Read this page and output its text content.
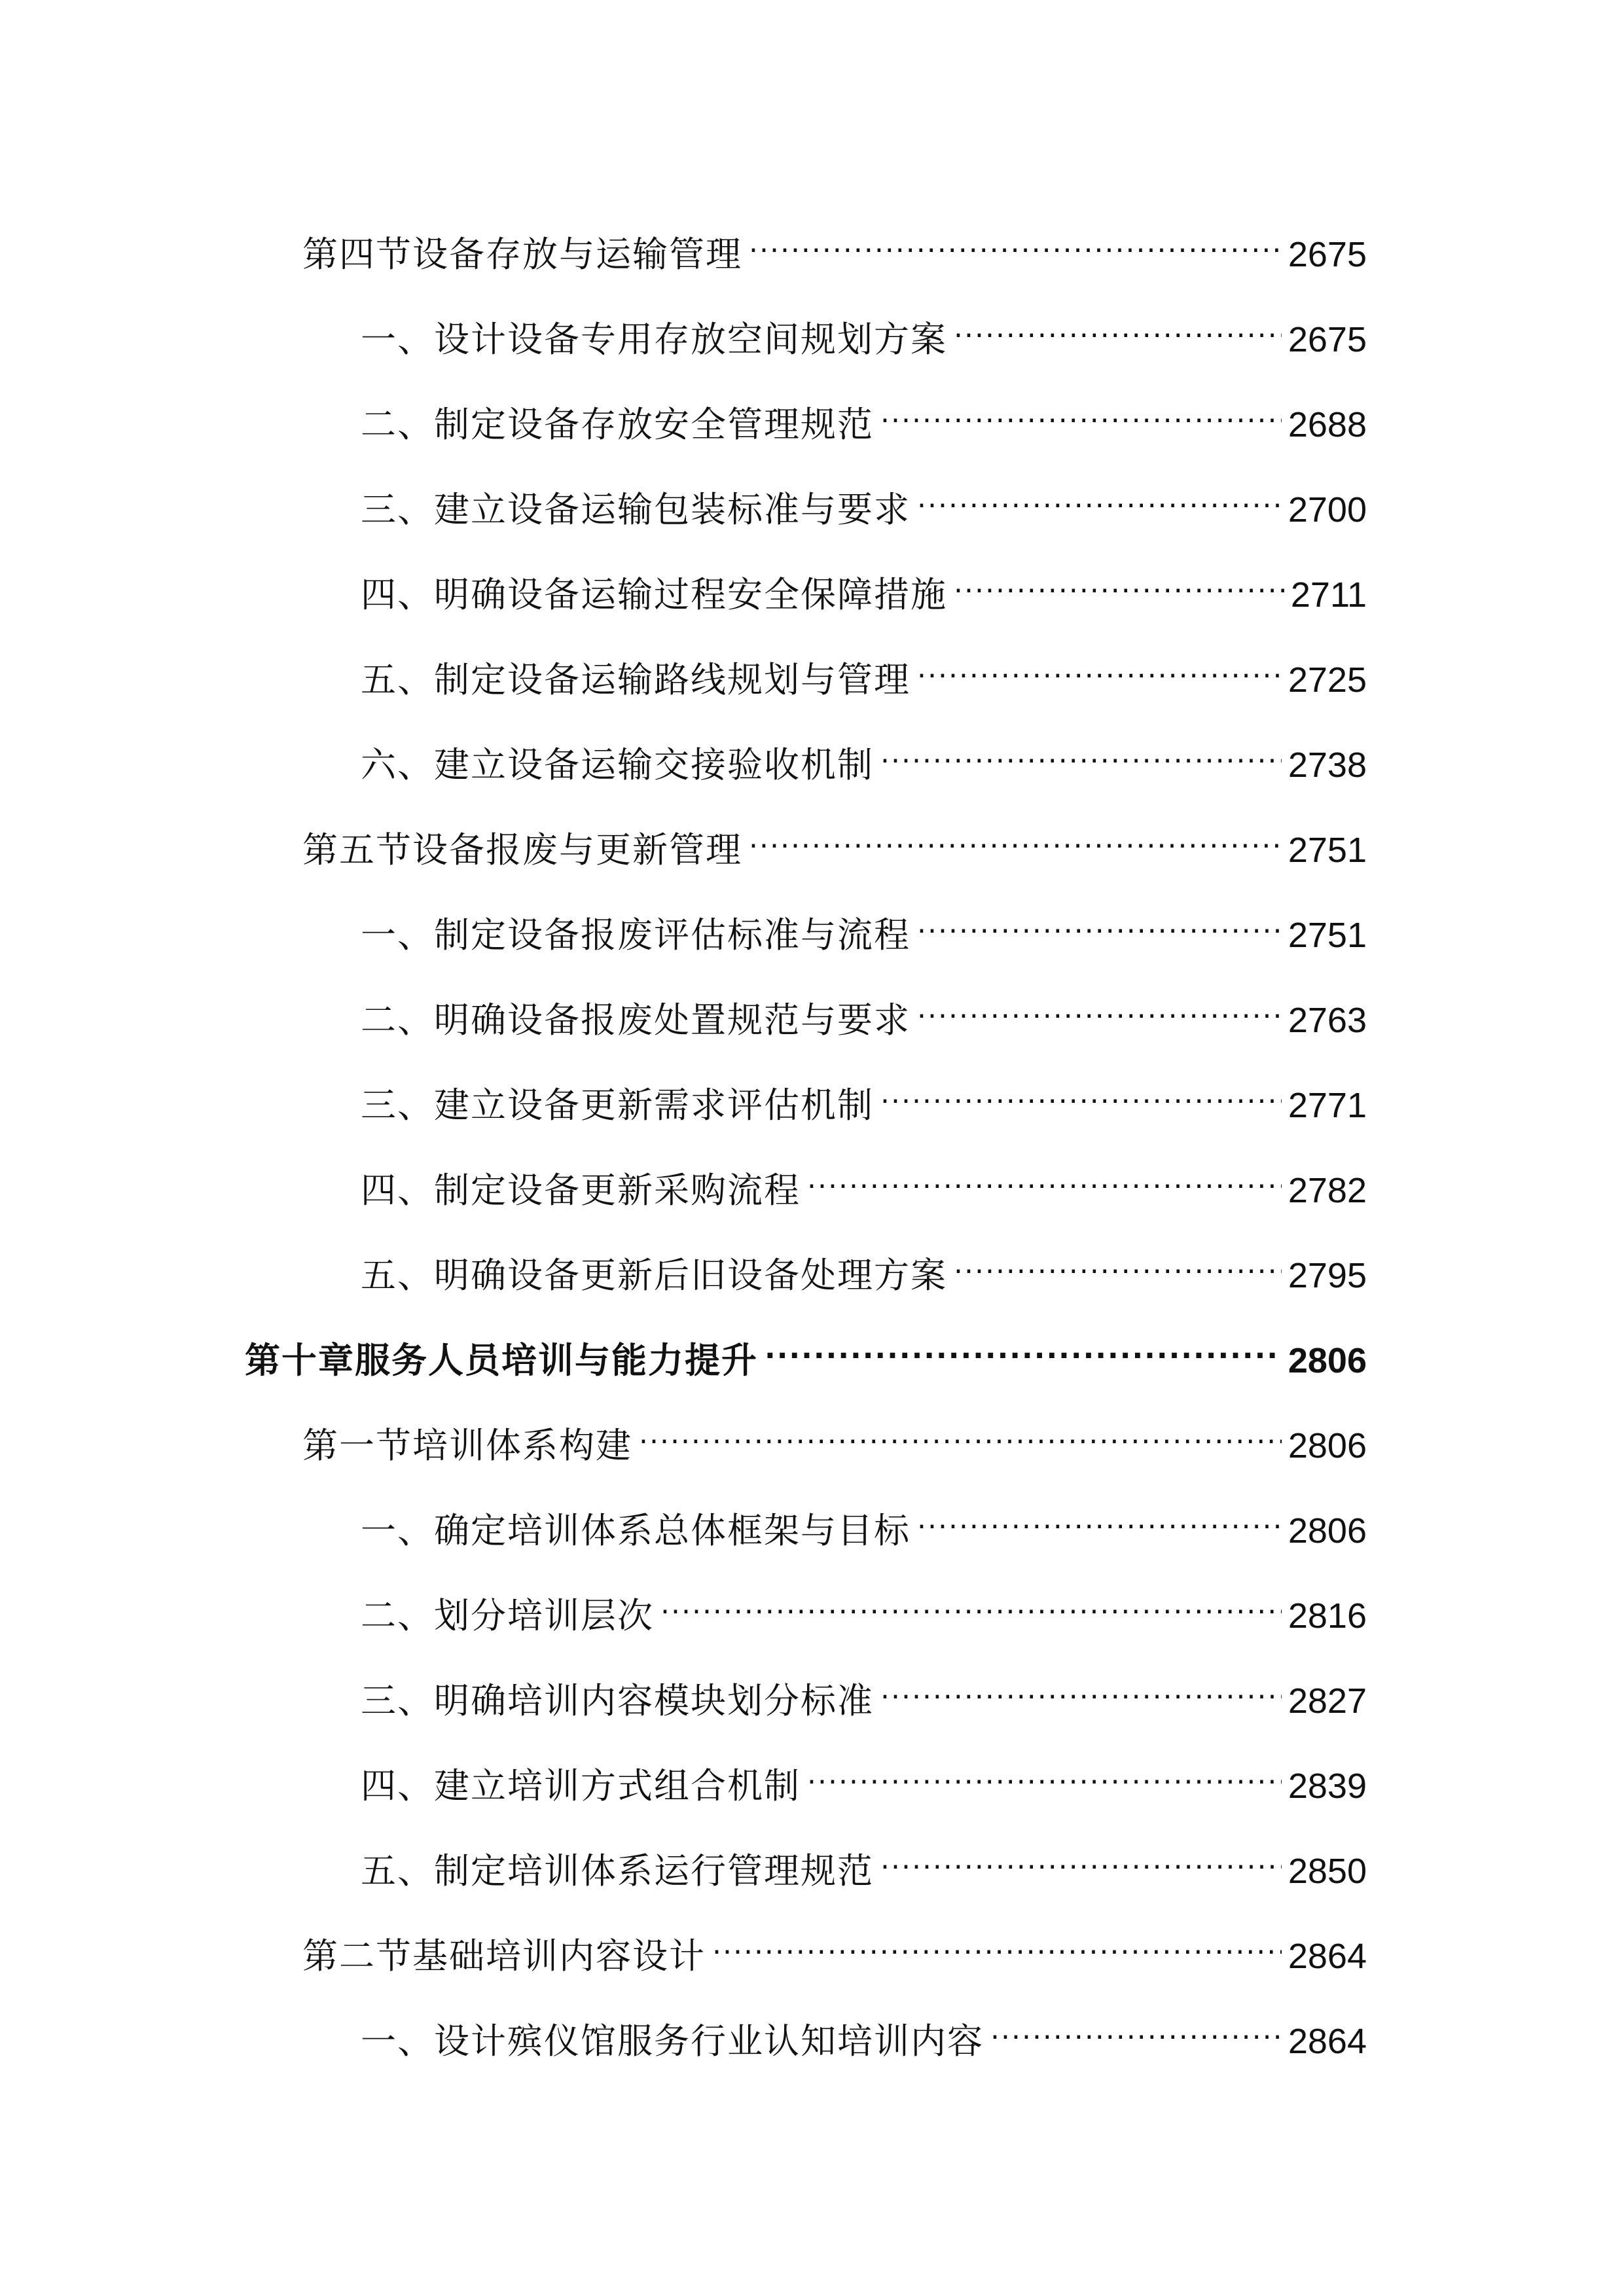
第四节设备存放与运输管理 .....	2675
一、设计设备专用存放空间规划方案 .....	2675
二、制定设备存放安全管理规范 .....	2688
三、建立设备运输包装标准与要求 .....	2700
四、明确设备运输过程安全保障措施 .....	2711
五、制定设备运输路线规划与管理 .....	2725
六、建立设备运输交接验收机制 .....	2738
第五节设备报废与更新管理 .....	2751
一、制定设备报废评估标准与流程 .....	2751
二、明确设备报废处置规范与要求 .....	2763
三、建立设备更新需求评估机制 .....	2771
四、制定设备更新采购流程 .....	2782
五、明确设备更新后旧设备处理方案 .....	2795
第十章服务人员培训与能力提升 .....	2806
第一节培训体系构建 .....	2806
一、确定培训体系总体框架与目标 .....	2806
二、划分培训层次 .....	2816
三、明确培训内容模块划分标准 .....	2827
四、建立培训方式组合机制 .....	2839
五、制定培训体系运行管理规范 .....	2850
第二节基础培训内容设计 .....	2864
一、设计殡仪馆服务行业认知培训内容 .....	2864
